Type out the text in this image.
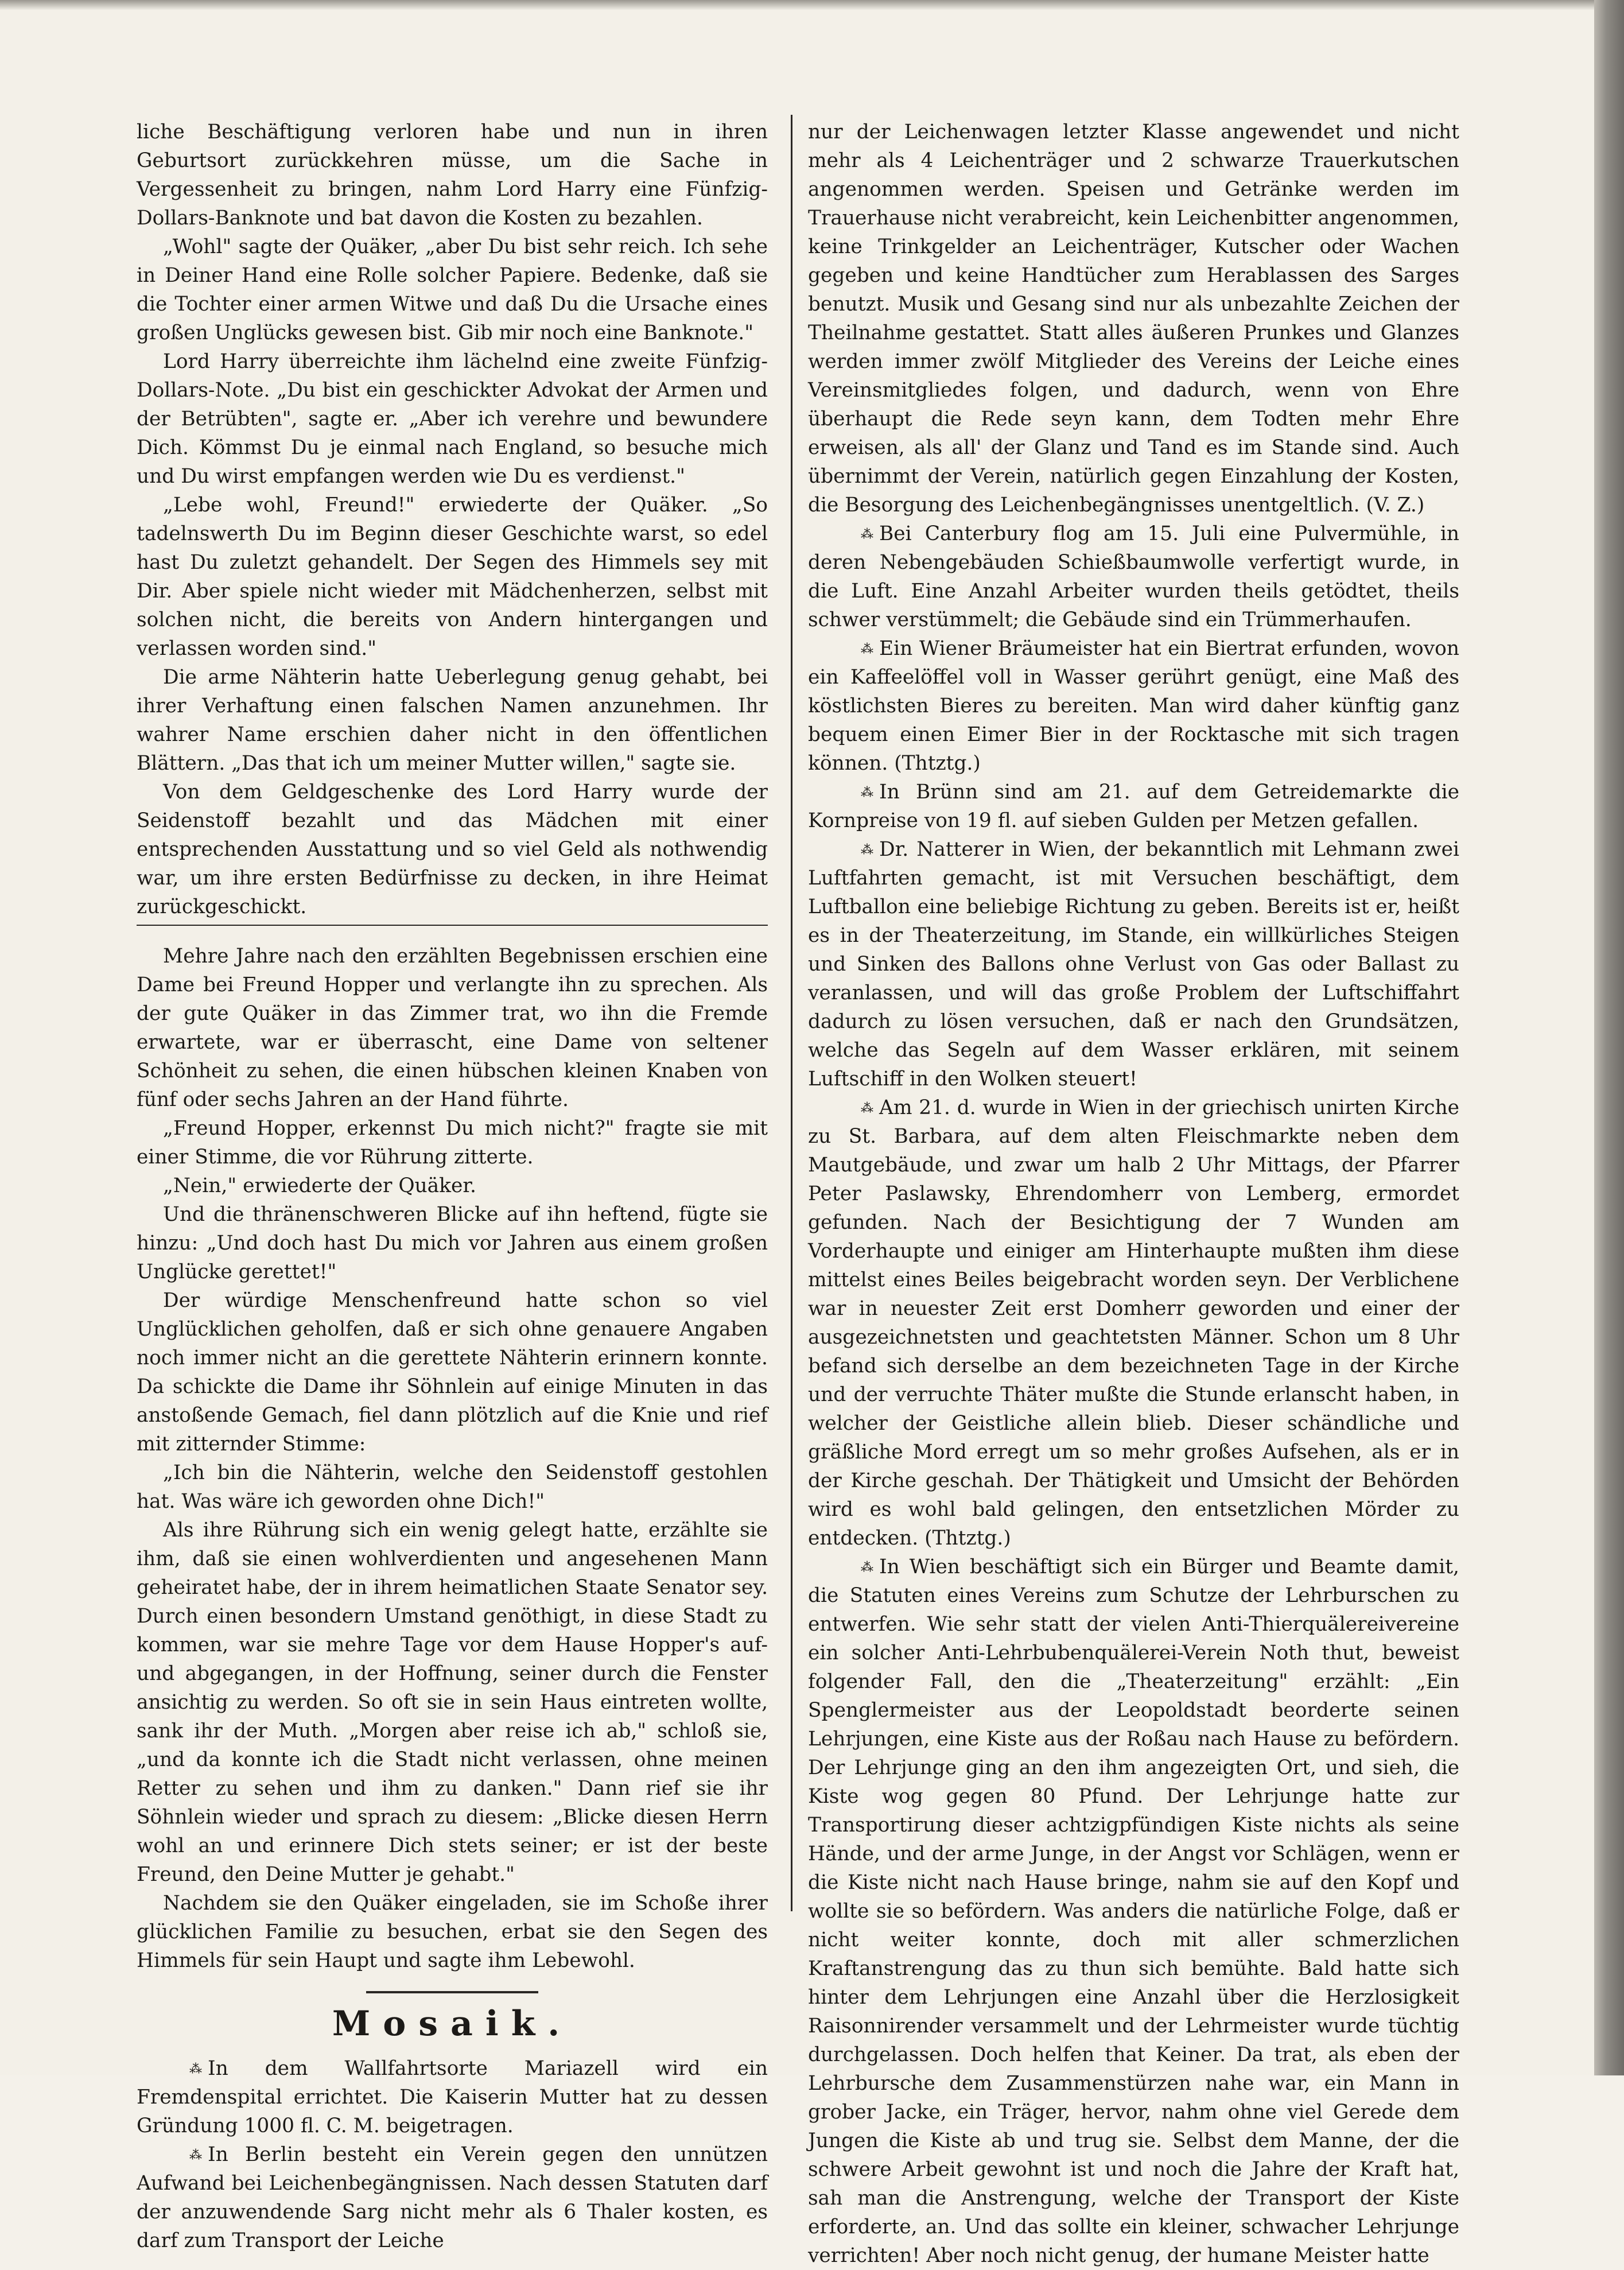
liche Beschäftigung verloren habe und nun in ihren Geburtsort zurückkehren müsse, um die Sache in Vergessenheit zu bringen, nahm Lord Harry eine Fünfzig-Dollars-Banknote und bat davon die Kosten zu bezahlen.

„Wohl" sagte der Quäker, „aber Du bist sehr reich. Ich sehe in Deiner Hand eine Rolle solcher Papiere. Bedenke, daß sie die Tochter einer armen Witwe und daß Du die Ursache eines großen Unglücks gewesen bist. Gib mir noch eine Banknote."

Lord Harry überreichte ihm lächelnd eine zweite Fünfzig-Dollars-Note. „Du bist ein geschickter Advokat der Armen und der Betrübten", sagte er. „Aber ich verehre und bewundere Dich. Kömmst Du je einmal nach England, so besuche mich und Du wirst empfangen werden wie Du es verdienst."

„Lebe wohl, Freund!" erwiederte der Quäker. „So tadelnswerth Du im Beginn dieser Geschichte warst, so edel hast Du zuletzt gehandelt. Der Segen des Himmels sey mit Dir. Aber spiele nicht wieder mit Mädchenherzen, selbst mit solchen nicht, die bereits von Andern hintergangen und verlassen worden sind."

Die arme Nähterin hatte Ueberlegung genug gehabt, bei ihrer Verhaftung einen falschen Namen anzunehmen. Ihr wahrer Name erschien daher nicht in den öffentlichen Blättern. „Das that ich um meiner Mutter willen," sagte sie.

Von dem Geldgeschenke des Lord Harry wurde der Seidenstoff bezahlt und das Mädchen mit einer entsprechenden Ausstattung und so viel Geld als nothwendig war, um ihre ersten Bedürfnisse zu decken, in ihre Heimat zurückgeschickt.

Mehre Jahre nach den erzählten Begebnissen erschien eine Dame bei Freund Hopper und verlangte ihn zu sprechen. Als der gute Quäker in das Zimmer trat, wo ihn die Fremde erwartete, war er überrascht, eine Dame von seltener Schönheit zu sehen, die einen hübschen kleinen Knaben von fünf oder sechs Jahren an der Hand führte.

„Freund Hopper, erkennst Du mich nicht?" fragte sie mit einer Stimme, die vor Rührung zitterte.

„Nein," erwiederte der Quäker.

Und die thränenschweren Blicke auf ihn heftend, fügte sie hinzu: „Und doch hast Du mich vor Jahren aus einem großen Unglücke gerettet!"

Der würdige Menschenfreund hatte schon so viel Unglücklichen geholfen, daß er sich ohne genauere Angaben noch immer nicht an die gerettete Nähterin erinnern konnte. Da schickte die Dame ihr Söhnlein auf einige Minuten in das anstoßende Gemach, fiel dann plötzlich auf die Knie und rief mit zitternder Stimme:

„Ich bin die Nähterin, welche den Seidenstoff gestohlen hat. Was wäre ich geworden ohne Dich!"

Als ihre Rührung sich ein wenig gelegt hatte, erzählte sie ihm, daß sie einen wohlverdienten und angesehenen Mann geheiratet habe, der in ihrem heimatlichen Staate Senator sey. Durch einen besondern Umstand genöthigt, in diese Stadt zu kommen, war sie mehre Tage vor dem Hause Hopper's auf- und abgegangen, in der Hoffnung, seiner durch die Fenster ansichtig zu werden. So oft sie in sein Haus eintreten wollte, sank ihr der Muth. „Morgen aber reise ich ab," schloß sie, „und da konnte ich die Stadt nicht verlassen, ohne meinen Retter zu sehen und ihm zu danken." Dann rief sie ihr Söhnlein wieder und sprach zu diesem: „Blicke diesen Herrn wohl an und erinnere Dich stets seiner; er ist der beste Freund, den Deine Mutter je gehabt."

Nachdem sie den Quäker eingeladen, sie im Schoße ihrer glücklichen Familie zu besuchen, erbat sie den Segen des Himmels für sein Haupt und sagte ihm Lebewohl.

Mosaik.

⁂ In dem Wallfahrtsorte Mariazell wird ein Fremdenspital errichtet. Die Kaiserin Mutter hat zu dessen Gründung 1000 fl. C. M. beigetragen.

⁂ In Berlin besteht ein Verein gegen den unnützen Aufwand bei Leichenbegängnissen. Nach dessen Statuten darf der anzuwendende Sarg nicht mehr als 6 Thaler kosten, es darf zum Transport der Leiche

nur der Leichenwagen letzter Klasse angewendet und nicht mehr als 4 Leichenträger und 2 schwarze Trauerkutschen angenommen werden. Speisen und Getränke werden im Trauerhause nicht verabreicht, kein Leichenbitter angenommen, keine Trinkgelder an Leichenträger, Kutscher oder Wachen gegeben und keine Handtücher zum Herablassen des Sarges benutzt. Musik und Gesang sind nur als unbezahlte Zeichen der Theilnahme gestattet. Statt alles äußeren Prunkes und Glanzes werden immer zwölf Mitglieder des Vereins der Leiche eines Vereinsmitgliedes folgen, und dadurch, wenn von Ehre überhaupt die Rede seyn kann, dem Todten mehr Ehre erweisen, als all' der Glanz und Tand es im Stande sind. Auch übernimmt der Verein, natürlich gegen Einzahlung der Kosten, die Besorgung des Leichenbegängnisses unentgeltlich. (V. Z.)

⁂ Bei Canterbury flog am 15. Juli eine Pulvermühle, in deren Nebengebäuden Schießbaumwolle verfertigt wurde, in die Luft. Eine Anzahl Arbeiter wurden theils getödtet, theils schwer verstümmelt; die Gebäude sind ein Trümmerhaufen.

⁂ Ein Wiener Bräumeister hat ein Biertrat erfunden, wovon ein Kaffeelöffel voll in Wasser gerührt genügt, eine Maß des köstlichsten Bieres zu bereiten. Man wird daher künftig ganz bequem einen Eimer Bier in der Rocktasche mit sich tragen können. (Thtztg.)

⁂ In Brünn sind am 21. auf dem Getreidemarkte die Kornpreise von 19 fl. auf sieben Gulden per Metzen gefallen.

⁂ Dr. Natterer in Wien, der bekanntlich mit Lehmann zwei Luftfahrten gemacht, ist mit Versuchen beschäftigt, dem Luftballon eine beliebige Richtung zu geben. Bereits ist er, heißt es in der Theaterzeitung, im Stande, ein willkürliches Steigen und Sinken des Ballons ohne Verlust von Gas oder Ballast zu veranlassen, und will das große Problem der Luftschiffahrt dadurch zu lösen versuchen, daß er nach den Grundsätzen, welche das Segeln auf dem Wasser erklären, mit seinem Luftschiff in den Wolken steuert!

⁂ Am 21. d. wurde in Wien in der griechisch unirten Kirche zu St. Barbara, auf dem alten Fleischmarkte neben dem Mautgebäude, und zwar um halb 2 Uhr Mittags, der Pfarrer Peter Paslawsky, Ehrendomherr von Lemberg, ermordet gefunden. Nach der Besichtigung der 7 Wunden am Vorderhaupte und einiger am Hinterhaupte mußten ihm diese mittelst eines Beiles beigebracht worden seyn. Der Verblichene war in neuester Zeit erst Domherr geworden und einer der ausgezeichnetsten und geachtetsten Männer. Schon um 8 Uhr befand sich derselbe an dem bezeichneten Tage in der Kirche und der verruchte Thäter mußte die Stunde erlanscht haben, in welcher der Geistliche allein blieb. Dieser schändliche und gräßliche Mord erregt um so mehr großes Aufsehen, als er in der Kirche geschah. Der Thätigkeit und Umsicht der Behörden wird es wohl bald gelingen, den entsetzlichen Mörder zu entdecken. (Thtztg.)

⁂ In Wien beschäftigt sich ein Bürger und Beamte damit, die Statuten eines Vereins zum Schutze der Lehrburschen zu entwerfen. Wie sehr statt der vielen Anti-Thierquälereivereine ein solcher Anti-Lehrbubenquälerei-Verein Noth thut, beweist folgender Fall, den die „Theaterzeitung" erzählt: „Ein Spenglermeister aus der Leopoldstadt beorderte seinen Lehrjungen, eine Kiste aus der Roßau nach Hause zu befördern. Der Lehrjunge ging an den ihm angezeigten Ort, und sieh, die Kiste wog gegen 80 Pfund. Der Lehrjunge hatte zur Transportirung dieser achtzigpfündigen Kiste nichts als seine Hände, und der arme Junge, in der Angst vor Schlägen, wenn er die Kiste nicht nach Hause bringe, nahm sie auf den Kopf und wollte sie so befördern. Was anders die natürliche Folge, daß er nicht weiter konnte, doch mit aller schmerzlichen Kraftanstrengung das zu thun sich bemühte. Bald hatte sich hinter dem Lehrjungen eine Anzahl über die Herzlosigkeit Raisonnirender versammelt und der Lehrmeister wurde tüchtig durchgelassen. Doch helfen that Keiner. Da trat, als eben der Lehrbursche dem Zusammenstürzen nahe war, ein Mann in grober Jacke, ein Träger, hervor, nahm ohne viel Gerede dem Jungen die Kiste ab und trug sie. Selbst dem Manne, der die schwere Arbeit gewohnt ist und noch die Jahre der Kraft hat, sah man die Anstrengung, welche der Transport der Kiste erforderte, an. Und das sollte ein kleiner, schwacher Lehrjunge verrichten! Aber noch nicht genug, der humane Meister hatte
